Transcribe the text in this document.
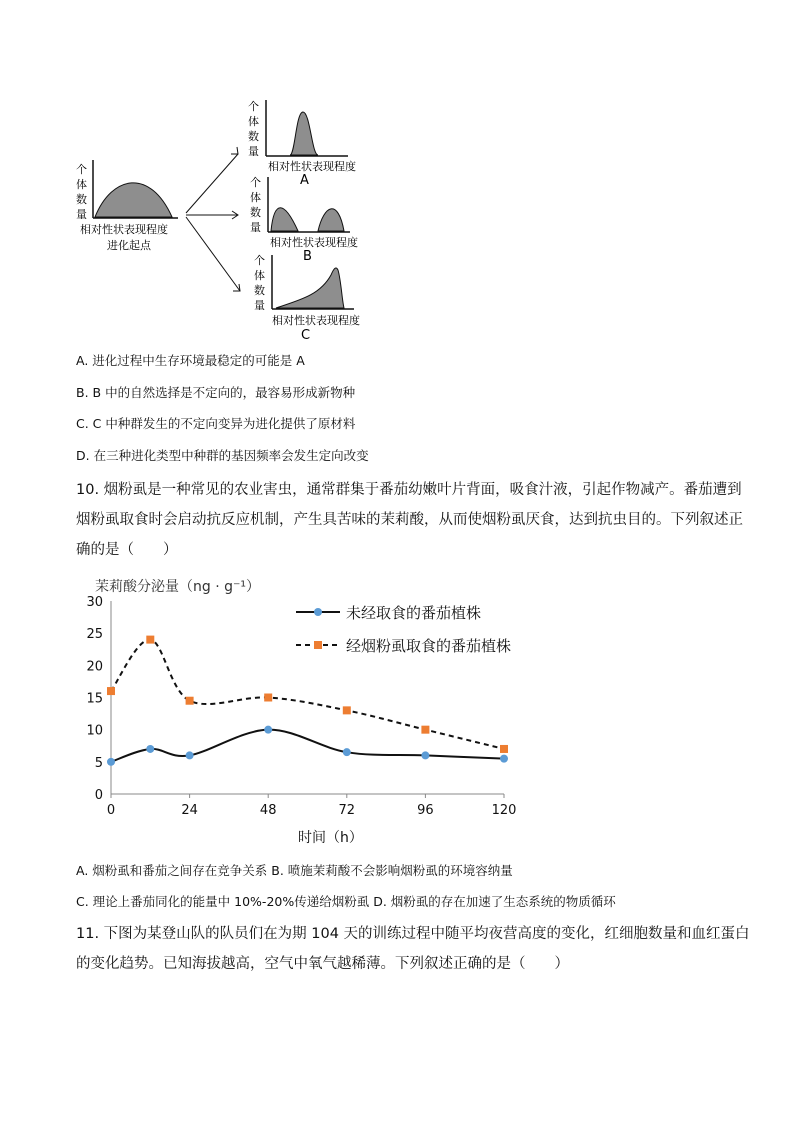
个
体
数
量
相对性状表现程度
进化起点
个
体
数
量
相对性状表现程度
A
个
体
数
量
相对性状表现程度
B
个
体
数
量
相对性状表现程度
C
A. 进化过程中生存环境最稳定的可能是 A
B. B 中的自然选择是不定向的，最容易形成新物种
C. C 中种群发生的不定向变异为进化提供了原材料
D. 在三种进化类型中种群的基因频率会发生定向改变
10. 烟粉虱是一种常见的农业害虫，通常群集于番茄幼嫩叶片背面，吸食汁液，引起作物减产。番茄遭到
烟粉虱取食时会启动抗反应机制，产生具苦味的茉莉酸，从而使烟粉虱厌食，达到抗虫目的。下列叙述正
确的是（　　）
茉莉酸分泌量（ng · g⁻¹）
时间（h）
0
5
10
15
20
25
30
0	24	48	72	96	120
未经取食的番茄植株
经烟粉虱取食的番茄植株
A. 烟粉虱和番茄之间存在竞争关系 B. 喷施茉莉酸不会影响烟粉虱的环境容纳量
C. 理论上番茄同化的能量中 10%-20%传递给烟粉虱 D. 烟粉虱的存在加速了生态系统的物质循环
11. 下图为某登山队的队员们在为期 104 天的训练过程中随平均夜营高度的变化，红细胞数量和血红蛋白
的变化趋势。已知海拔越高，空气中氧气越稀薄。下列叙述正确的是（　　）
